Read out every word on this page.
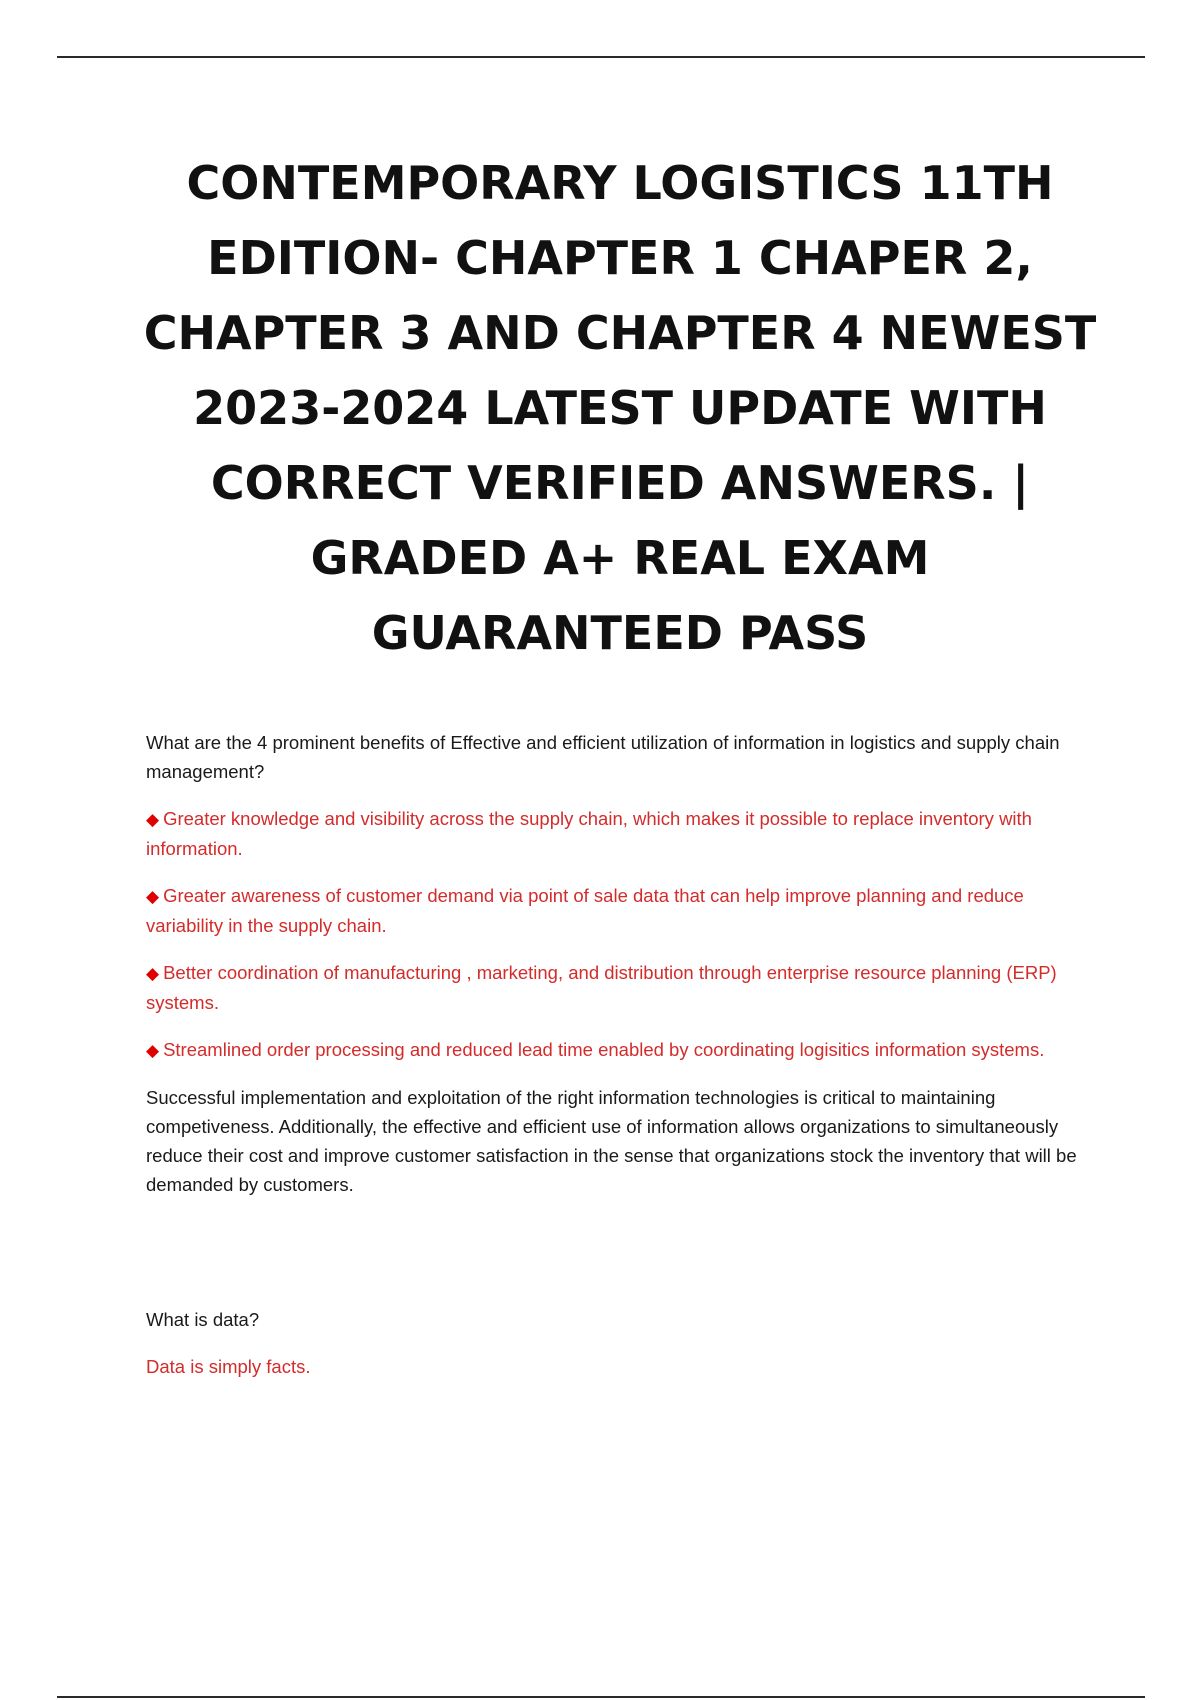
CONTEMPORARY LOGISTICS 11TH EDITION- CHAPTER 1 CHAPER 2, CHAPTER 3 AND CHAPTER 4 NEWEST 2023-2024 LATEST UPDATE WITH CORRECT VERIFIED ANSWERS. | GRADED A+ REAL EXAM GUARANTEED PASS

What are the 4 prominent benefits of Effective and efficient utilization of information in logistics and supply chain management?

◆ Greater knowledge and visibility across the supply chain, which makes it possible to replace inventory with information.

◆ Greater awareness of customer demand via point of sale data that can help improve planning and reduce variability in the supply chain.

◆ Better coordination of manufacturing , marketing, and distribution through enterprise resource planning (ERP) systems.

◆ Streamlined order processing and reduced lead time enabled by coordinating logisitics information systems.

Successful implementation and exploitation of the right information technologies is critical to maintaining competiveness. Additionally, the effective and efficient use of information allows organizations to simultaneously reduce their cost and improve customer satisfaction in the sense that organizations stock the inventory that will be demanded by customers.

What is data?

Data is simply facts.
